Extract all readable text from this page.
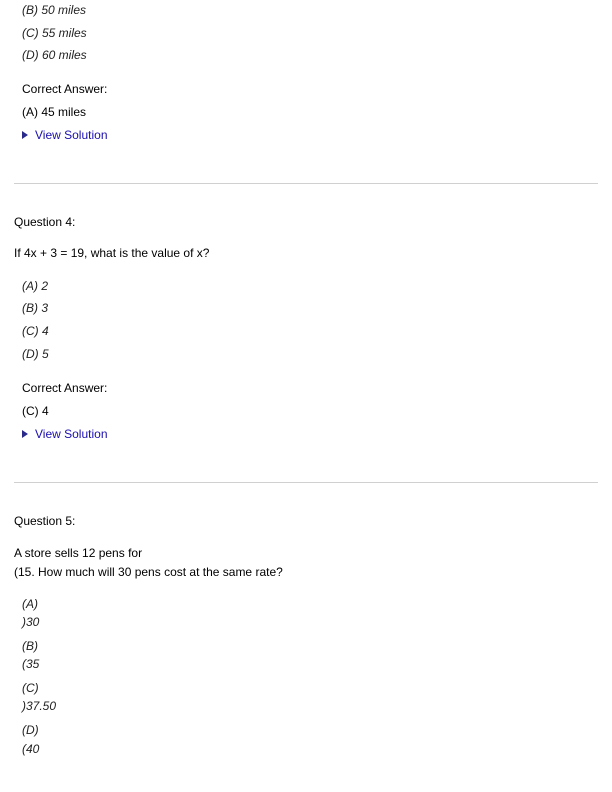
(B) 50 miles
(C) 55 miles
(D) 60 miles
Correct Answer:
(A) 45 miles
View Solution
Question 4:
If 4x + 3 = 19, what is the value of x?
(A) 2
(B) 3
(C) 4
(D) 5
Correct Answer:
(C) 4
View Solution
Question 5:
A store sells 12 pens for
(15. How much will 30 pens cost at the same rate?
(A)
)30
(B)
(35
(C)
)37.50
(D)
(40
